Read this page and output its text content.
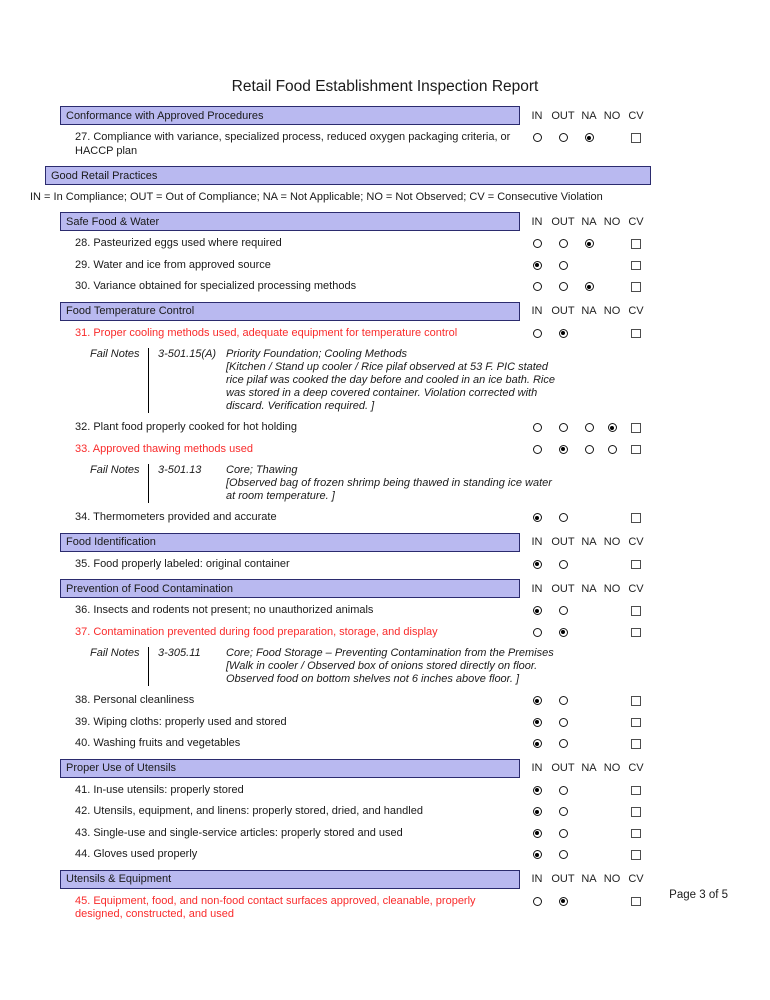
Retail Food Establishment Inspection Report
Conformance with Approved Procedures	IN OUT NA NO CV
27. Compliance with variance, specialized process, reduced oxygen packaging criteria, or HACCP plan
Good Retail Practices
IN = In Compliance; OUT = Out of Compliance; NA = Not Applicable; NO = Not Observed; CV = Consecutive Violation
Safe Food & Water	IN OUT NA NO CV
28. Pasteurized eggs used where required
29. Water and ice from approved source
30. Variance obtained for specialized processing methods
Food Temperature Control	IN OUT NA NO CV
31. Proper cooling methods used, adequate equipment for temperature control
Fail Notes	3-501.15(A) Priority Foundation; Cooling Methods
[Kitchen / Stand up cooler / Rice pilaf observed at 53 F. PIC stated rice pilaf was cooked the day before and cooled in an ice bath. Rice was stored in a deep covered container. Violation corrected with discard. Verification required. ]
32. Plant food properly cooked for hot holding
33. Approved thawing methods used
Fail Notes	3-501.13	Core; Thawing
[Observed bag of frozen shrimp being thawed in standing ice water at room temperature. ]
34. Thermometers provided and accurate
Food Identification	IN OUT NA NO CV
35. Food properly labeled: original container
Prevention of Food Contamination	IN OUT NA NO CV
36. Insects and rodents not present; no unauthorized animals
37. Contamination prevented during food preparation, storage, and display
Fail Notes	3-305.11	Core; Food Storage – Preventing Contamination from the Premises
[Walk in cooler / Observed box of onions stored directly on floor. Observed food on bottom shelves not 6 inches above floor. ]
38. Personal cleanliness
39. Wiping cloths: properly used and stored
40. Washing fruits and vegetables
Proper Use of Utensils	IN OUT NA NO CV
41. In-use utensils: properly stored
42. Utensils, equipment, and linens: properly stored, dried, and handled
43. Single-use and single-service articles: properly stored and used
44. Gloves used properly
Utensils & Equipment	IN OUT NA NO CV
45. Equipment, food, and non-food contact surfaces approved, cleanable, properly designed, constructed, and used
Page 3 of 5
